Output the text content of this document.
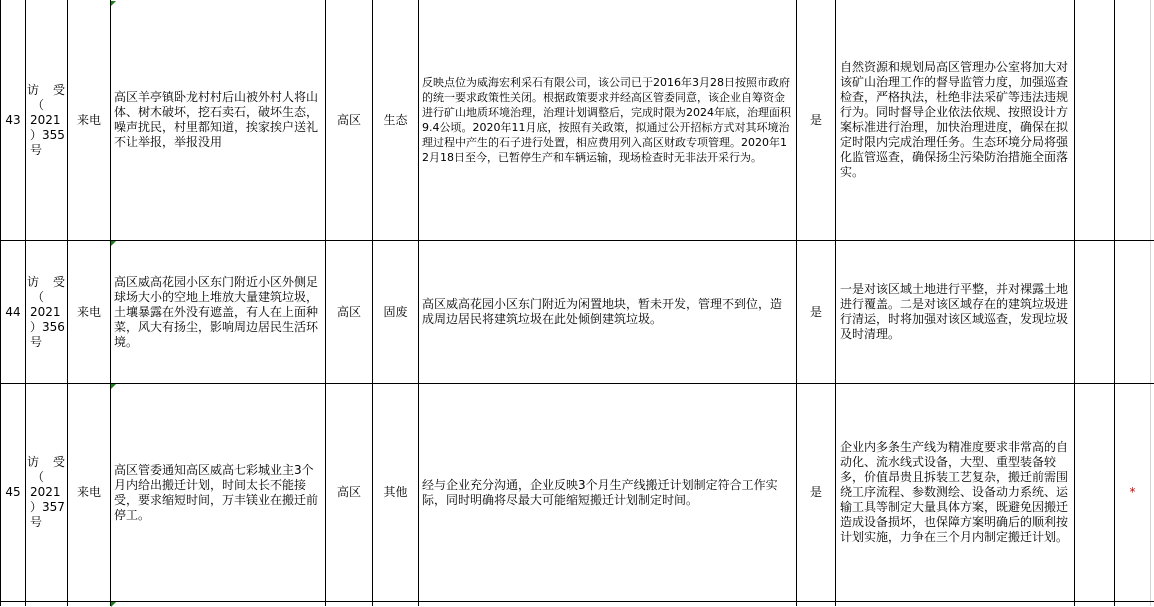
43
访　受
（
2021
）355
号
来电
高区羊亭镇卧龙村村后山被外村人将山体、树木破坏，挖石卖石，破坏生态，噪声扰民，村里都知道，挨家挨户送礼不让举报，举报没用
高区 生态
反映点位为威海宏利采石有限公司，该公司已于2016年3月28日按照市政府的统一要求政策性关闭。根据政策要求并经高区管委同意，该企业自筹资金进行矿山地质环境治理，治理计划调整后，完成时限为2024年底，治理面积9.4公顷。2020年11月底，按照有关政策，拟通过公开招标方式对其环境治理过程中产生的石子进行处置，相应费用列入高区财政专项管理。2020年12月18日至今，已暂停生产和车辆运输，现场检查时无非法开采行为。
是
自然资源和规划局高区管理办公室将加大对该矿山治理工作的督导监管力度，加强巡查检查，严格执法，杜绝非法采矿等违法违规行为。同时督导企业依法依规、按照设计方案标准进行治理，加快治理进度，确保在拟定时限内完成治理任务。生态环境分局将强化监管巡查，确保扬尘污染防治措施全面落实。
44
访　受
（
2021
）356
号
来电
高区威高花园小区东门附近小区外侧足球场大小的空地上堆放大量建筑垃圾，土壤暴露在外没有遮盖，有人在上面种菜，风大有扬尘，影响周边居民生活环境。
高区 固废
高区威高花园小区东门附近为闲置地块，暂未开发，管理不到位，造成周边居民将建筑垃圾在此处倾倒建筑垃圾。
是
一是对该区域土地进行平整，并对裸露土地进行覆盖。二是对该区域存在的建筑垃圾进行清运，时将加强对该区域巡查，发现垃圾及时清理。
45
访　受
（
2021
）357
号
来电
高区管委通知高区威高七彩城业主3个月内给出搬迁计划，时间太长不能接受，要求缩短时间，万丰镁业在搬迁前停工。
高区 其他
经与企业充分沟通，企业反映3个月生产线搬迁计划制定符合工作实际，同时明确将尽最大可能缩短搬迁计划制定时间。
是
企业内多条生产线为精准度要求非常高的自动化、流水线式设备，大型、重型装备较多，价值昂贵且拆装工艺复杂，搬迁前需围绕工序流程、参数测绘、设备动力系统、运输工具等制定大量具体方案，既避免因搬迁造成设备损坏，也保障方案明确后的顺利按计划实施，力争在三个月内制定搬迁计划。
*
